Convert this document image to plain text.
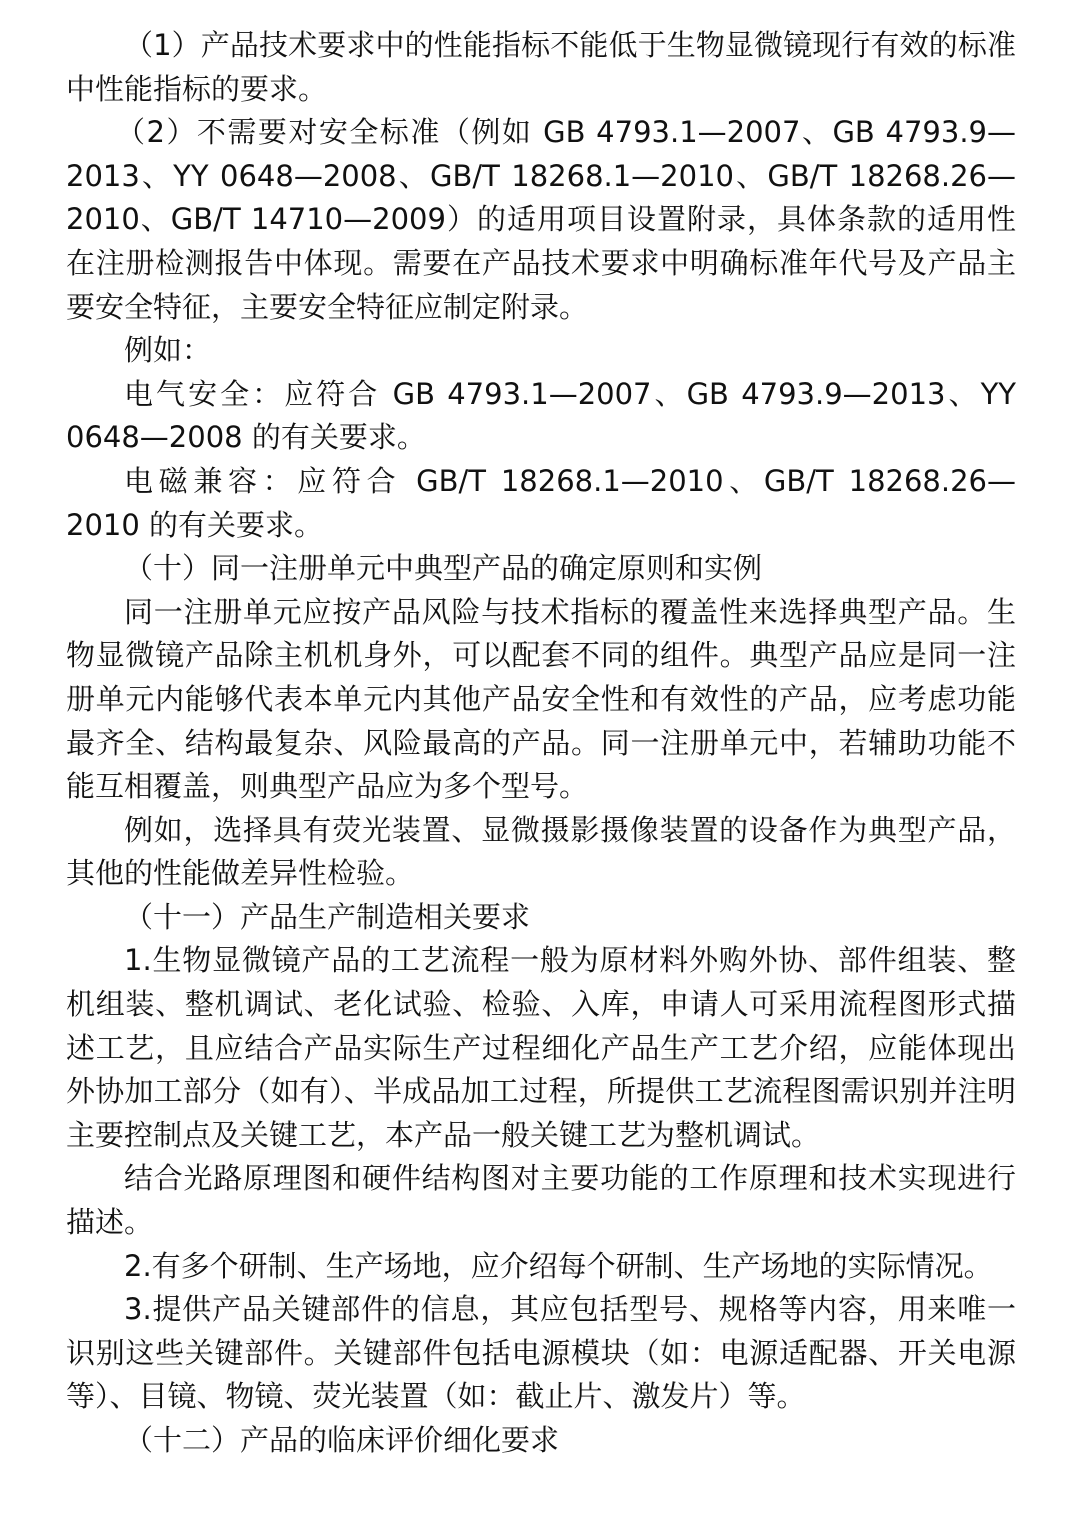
（1）产品技术要求中的性能指标不能低于生物显微镜现行有效的标准中性能指标的要求。

（2）不需要对安全标准（例如 GB 4793.1—2007、GB 4793.9—2013、YY 0648—2008、GB/T 18268.1—2010、GB/T 18268.26—2010、GB/T 14710—2009）的适用项目设置附录，具体条款的适用性在注册检测报告中体现。需要在产品技术要求中明确标准年代号及产品主要安全特征，主要安全特征应制定附录。

例如：

电气安全：应符合 GB 4793.1—2007、GB 4793.9—2013、YY 0648—2008 的有关要求。

电磁兼容：应符合 GB/T 18268.1—2010、GB/T 18268.26—2010 的有关要求。

（十）同一注册单元中典型产品的确定原则和实例

同一注册单元应按产品风险与技术指标的覆盖性来选择典型产品。生物显微镜产品除主机机身外，可以配套不同的组件。典型产品应是同一注册单元内能够代表本单元内其他产品安全性和有效性的产品，应考虑功能最齐全、结构最复杂、风险最高的产品。同一注册单元中，若辅助功能不能互相覆盖，则典型产品应为多个型号。

例如，选择具有荧光装置、显微摄影摄像装置的设备作为典型产品，其他的性能做差异性检验。

（十一）产品生产制造相关要求

1.生物显微镜产品的工艺流程一般为原材料外购外协、部件组装、整机组装、整机调试、老化试验、检验、入库，申请人可采用流程图形式描述工艺，且应结合产品实际生产过程细化产品生产工艺介绍，应能体现出外协加工部分（如有）、半成品加工过程，所提供工艺流程图需识别并注明主要控制点及关键工艺，本产品一般关键工艺为整机调试。

结合光路原理图和硬件结构图对主要功能的工作原理和技术实现进行描述。

2.有多个研制、生产场地，应介绍每个研制、生产场地的实际情况。

3.提供产品关键部件的信息，其应包括型号、规格等内容，用来唯一识别这些关键部件。关键部件包括电源模块（如：电源适配器、开关电源等）、目镜、物镜、荧光装置（如：截止片、激发片）等。

（十二）产品的临床评价细化要求
